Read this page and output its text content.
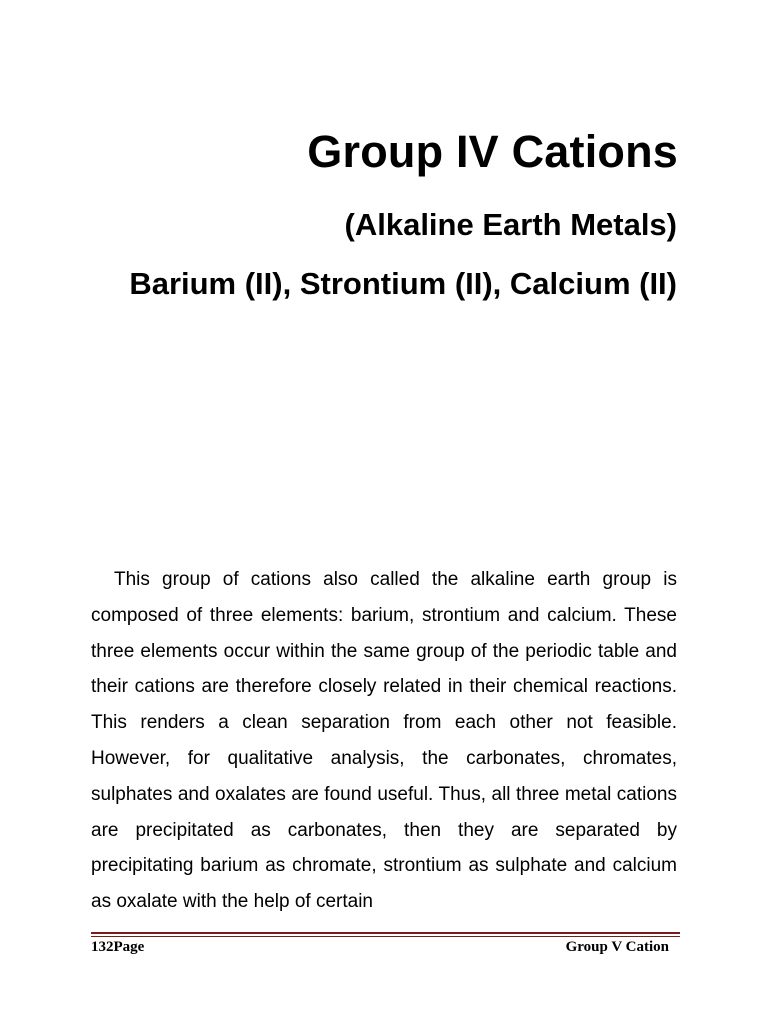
Group IV Cations
(Alkaline Earth Metals)
Barium (II), Strontium (II), Calcium (II)

This group of cations also called the alkaline earth group is composed of three elements: barium, strontium and calcium. These three elements occur within the same group of the periodic table and their cations are therefore closely related in their chemical reactions. This renders a clean separation from each other not feasible. However, for qualitative analysis, the carbonates, chromates, sulphates and oxalates are found useful. Thus, all three metal cations are precipitated as carbonates, then they are separated by precipitating barium as chromate, strontium as sulphate and calcium as oxalate with the help of certain

132Page	Group V Cation
